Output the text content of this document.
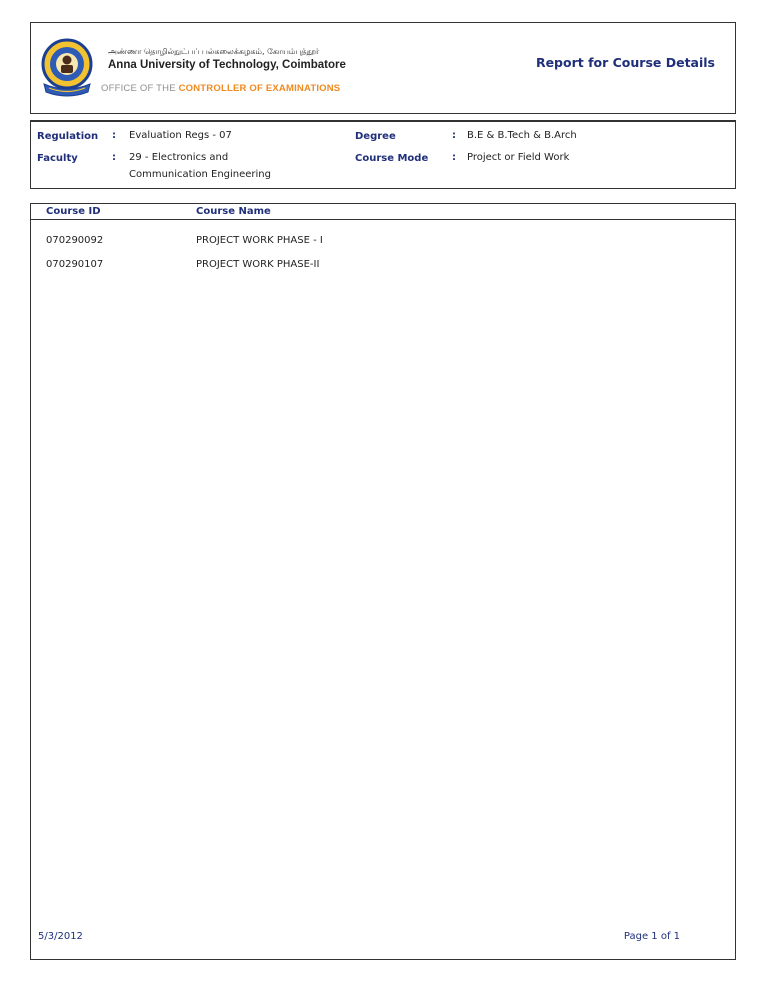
அண்ணா தொழில்நுட்பப் பல்கலைக்கழகம், கோயம்புத்தூர்
Anna University of Technology, Coimbatore
OFFICE OF THE CONTROLLER OF EXAMINATIONS
Report for Course Details
Regulation : Evaluation Regs - 07
Faculty	: 29 - Electronics and
Communication Engineering
Degree	: B.E & B.Tech & B.Arch
Course Mode : Project or Field Work
Course ID	Course Name
070290092	PROJECT WORK PHASE - I
070290107	PROJECT WORK PHASE-II
5/3/2012	Page 1 of 1
